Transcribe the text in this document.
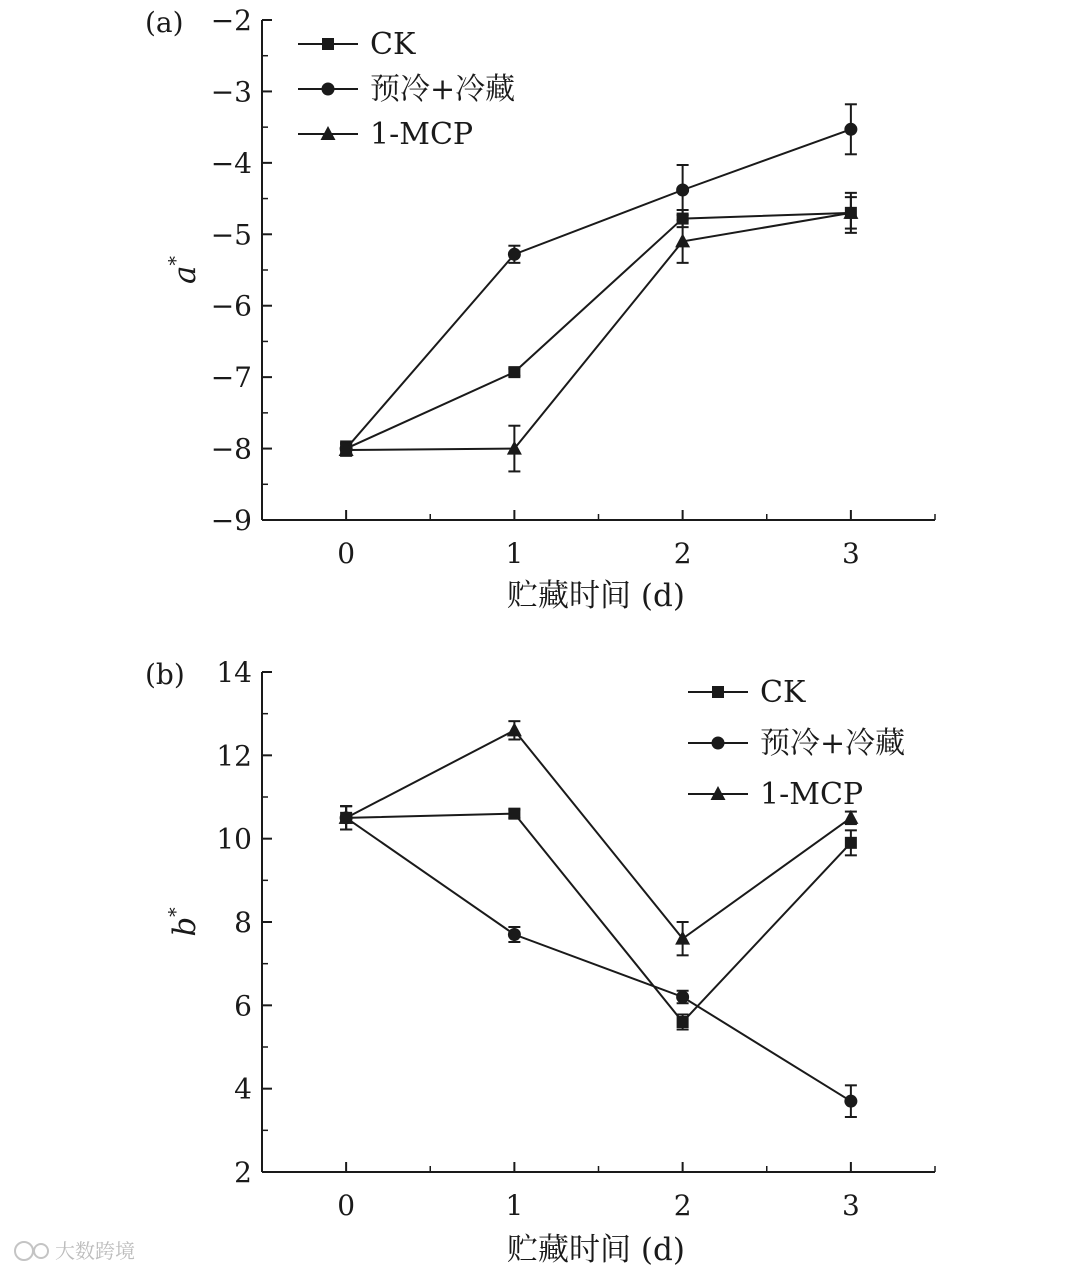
(a)
贮藏时间 (d)
a*
−2
−3
−4
−5
−6
−7
−8
−9
0	1	2	3
CK
预冷+冷藏
1-MCP
(b)
贮藏时间 (d)
b*
14
12
10
8
6
4
2
0	1	2	3
CK
预冷+冷藏
1-MCP
大数跨境
